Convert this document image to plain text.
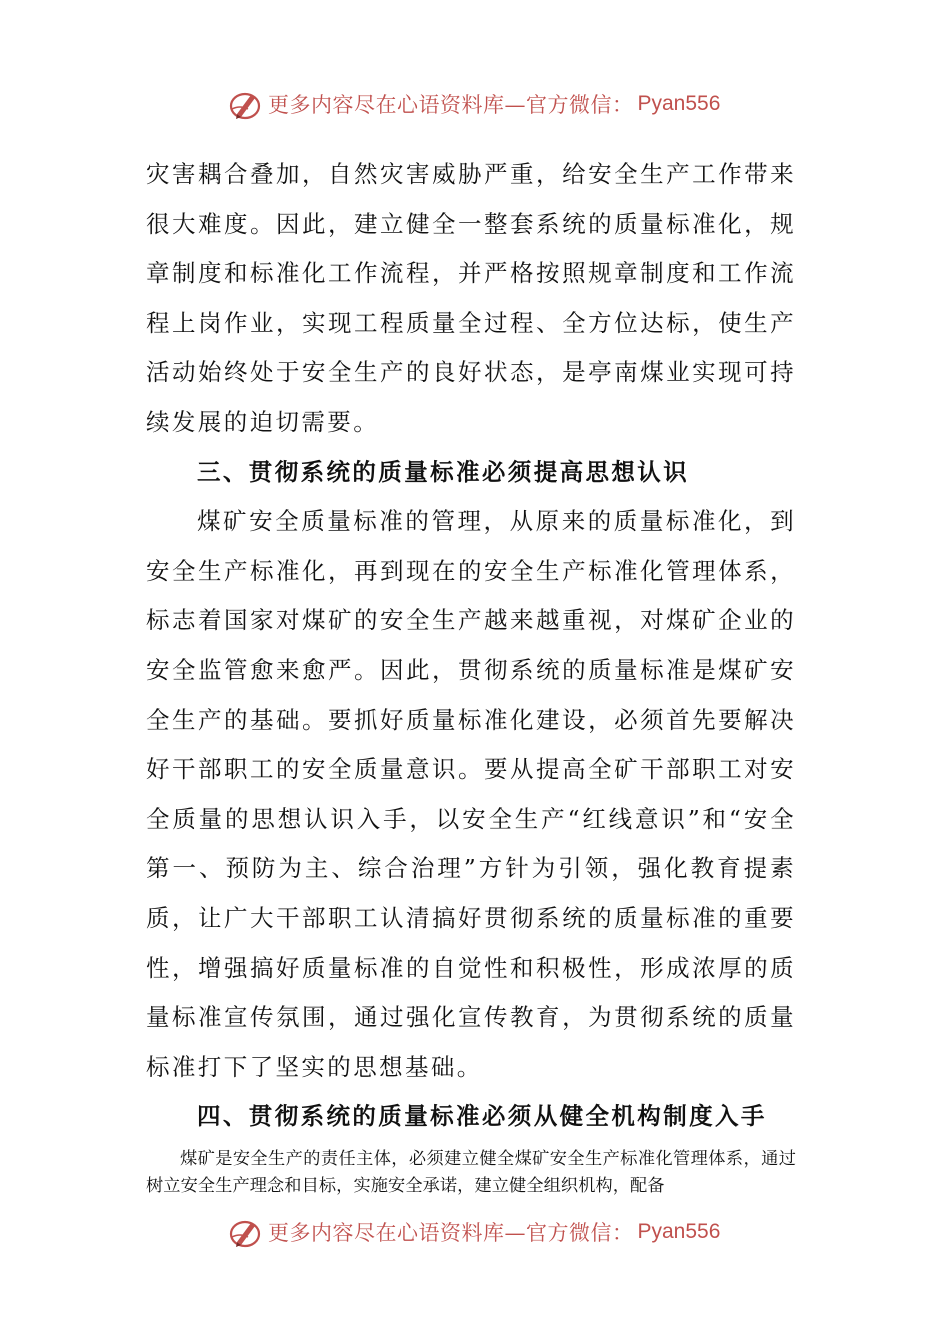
更多内容尽在心语资料库—官方微信： Pyan556

灾害耦合叠加，自然灾害威胁严重，给安全生产工作带来很大难度。因此，建立健全一整套系统的质量标准化，规章制度和标准化工作流程，并严格按照规章制度和工作流程上岗作业，实现工程质量全过程、全方位达标，使生产活动始终处于安全生产的良好状态，是亭南煤业实现可持续发展的迫切需要。

三、贯彻系统的质量标准必须提高思想认识

煤矿安全质量标准的管理，从原来的质量标准化，到安全生产标准化，再到现在的安全生产标准化管理体系，标志着国家对煤矿的安全生产越来越重视，对煤矿企业的安全监管愈来愈严。因此，贯彻系统的质量标准是煤矿安全生产的基础。要抓好质量标准化建设，必须首先要解决好干部职工的安全质量意识。要从提高全矿干部职工对安全质量的思想认识入手，以安全生产“红线意识”和“安全第一、预防为主、综合治理”方针为引领，强化教育提素质，让广大干部职工认清搞好贯彻系统的质量标准的重要性，增强搞好质量标准的自觉性和积极性，形成浓厚的质量标准宣传氛围，通过强化宣传教育，为贯彻系统的质量标准打下了坚实的思想基础。

四、贯彻系统的质量标准必须从健全机构制度入手

煤矿是安全生产的责任主体，必须建立健全煤矿安全生产标准化管理体系，通过树立安全生产理念和目标，实施安全承诺，建立健全组织机构，配备

更多内容尽在心语资料库—官方微信： Pyan556
